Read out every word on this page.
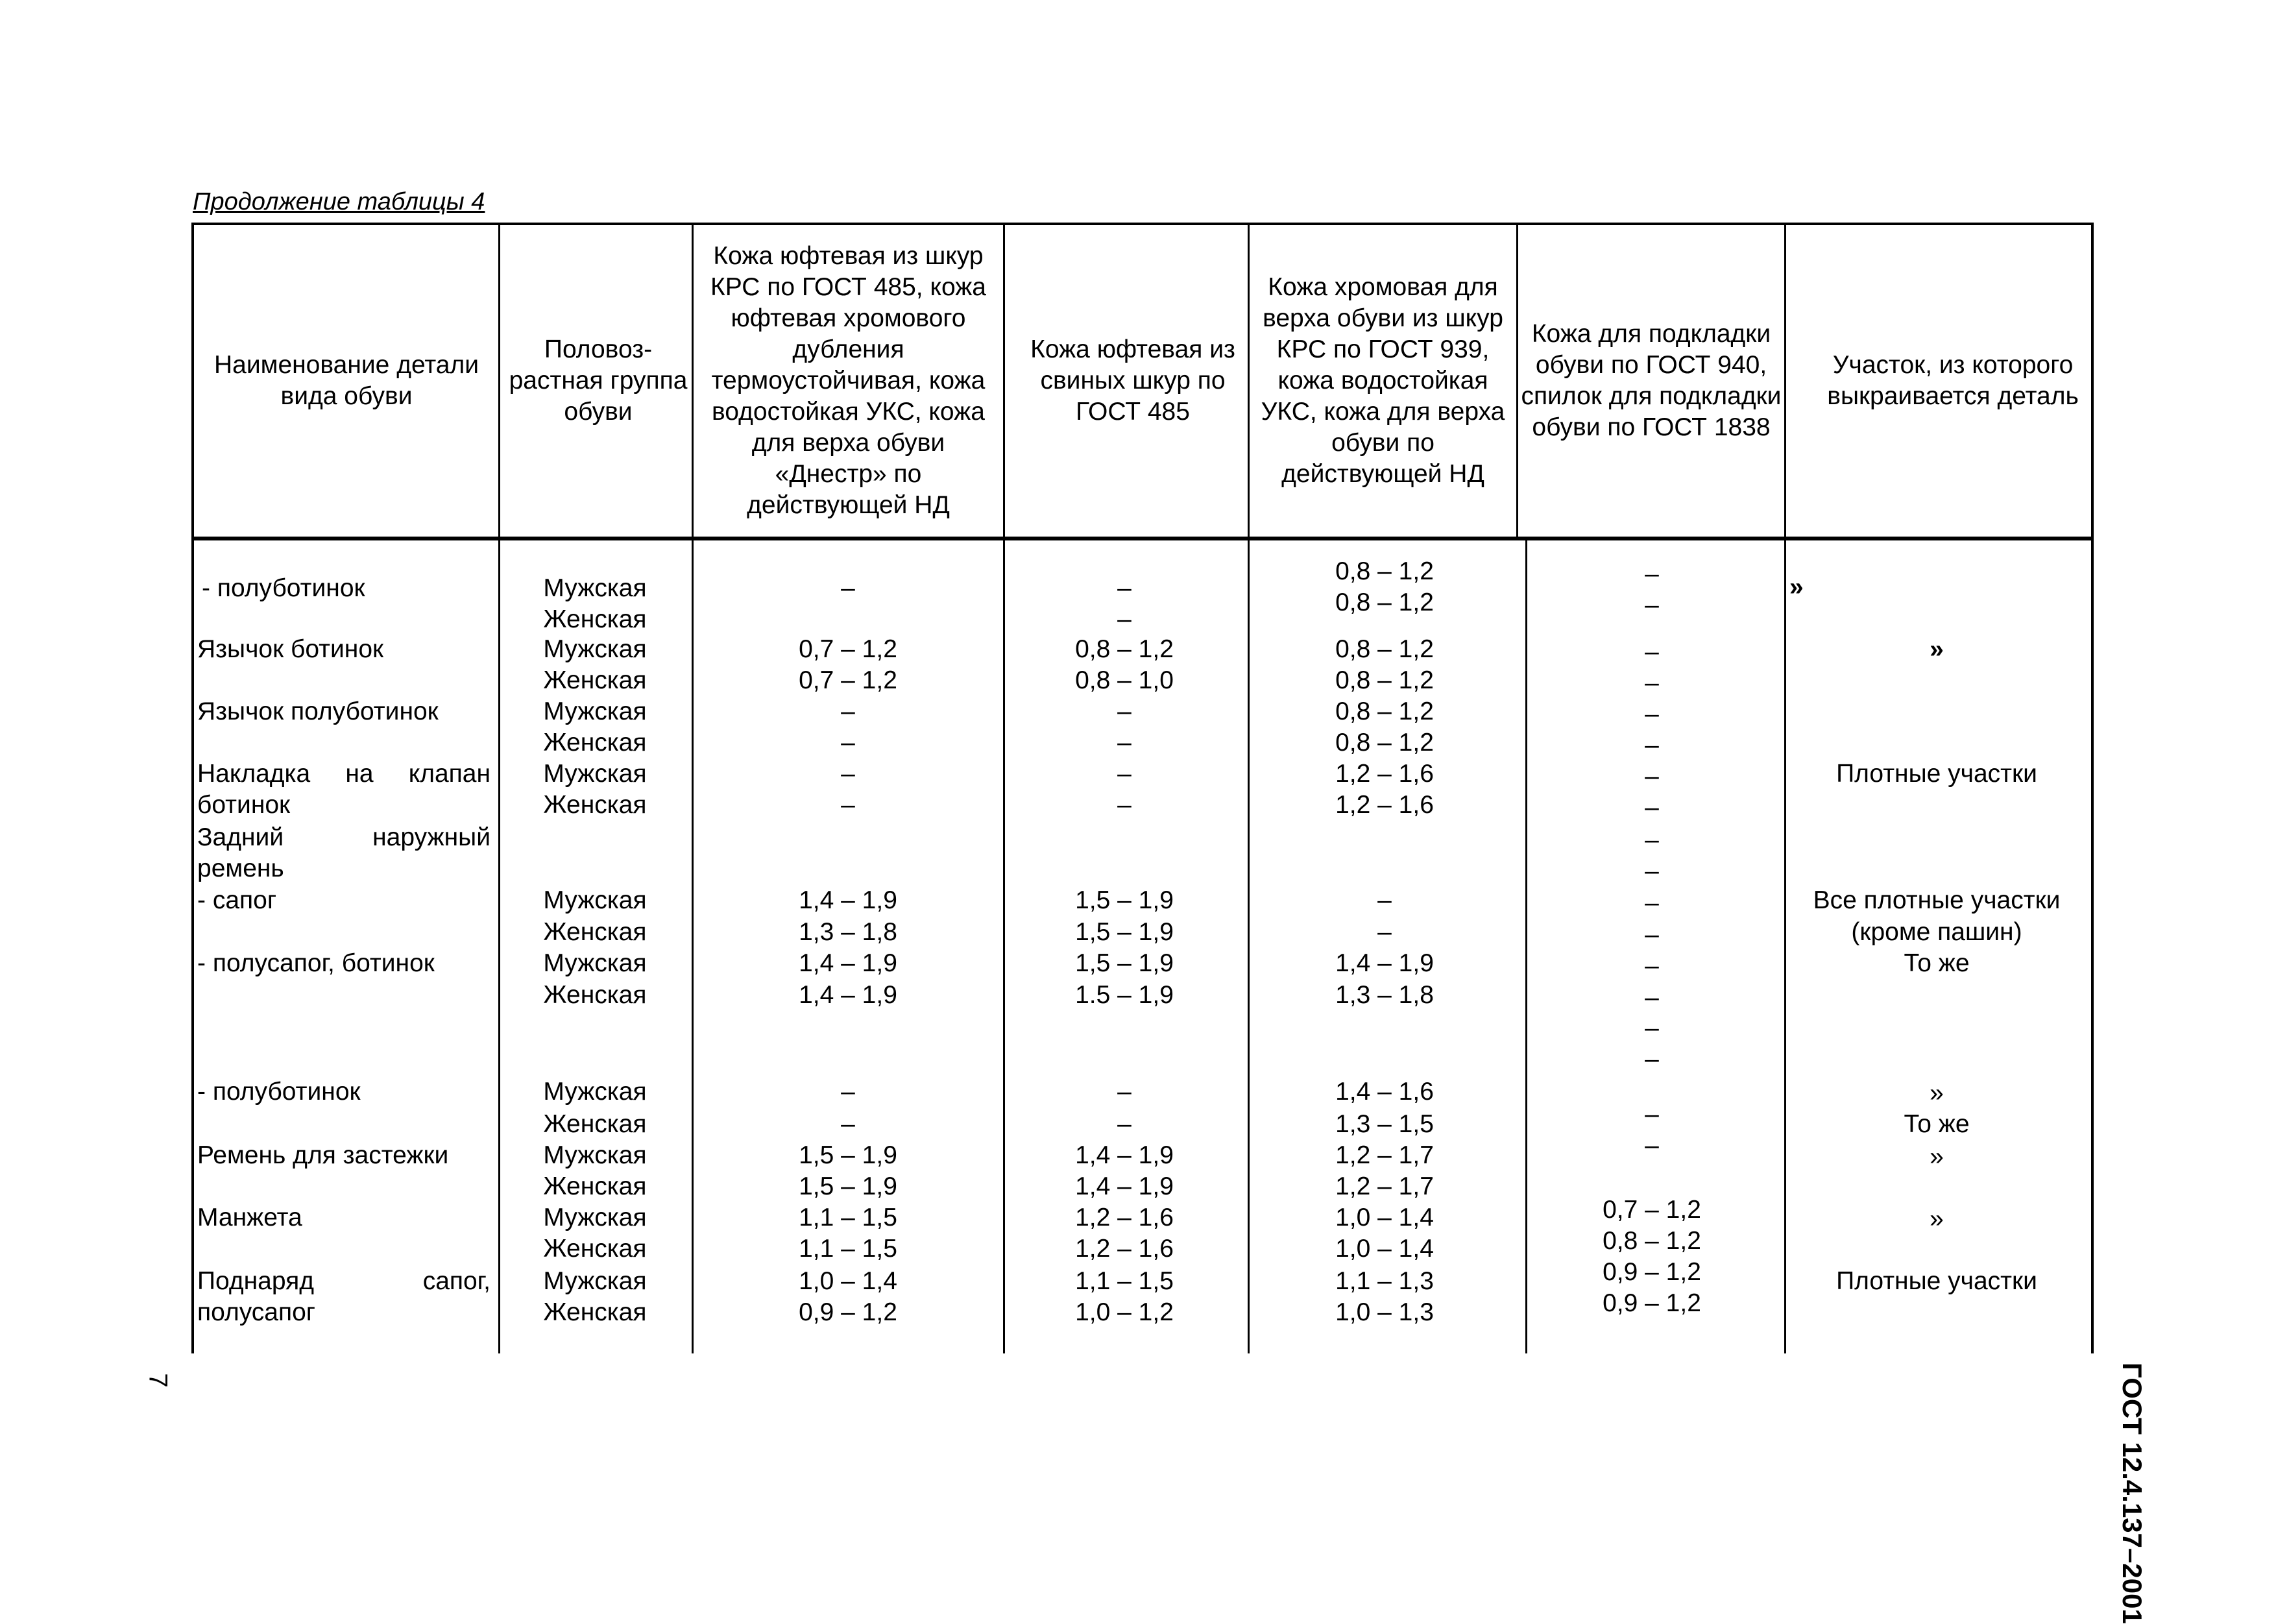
Продолжение таблицы 4
Наименование детали вида обуви
Половоз-растная группа обуви
Кожа юфтевая из шкур КРС по ГОСТ 485, кожа юфтевая хромового дубления термоустойчивая, кожа водостойкая УКС, кожа для верха обуви «Днестр» по действующей НД
Кожа юфтевая из свиных шкур по ГОСТ 485
Кожа хромовая для верха обуви из шкур КРС по ГОСТ 939, кожа водостойкая УКС, кожа для верха обуви по действующей НД
Кожа для подкладки обуви по ГОСТ 940, спилок для подкладки обуви по ГОСТ 1838
Участок, из которого выкраивается деталь
- полуботинок
Язычок ботинок
Язычок полуботинок
Накладка на клапан
ботинок
Задний	наружный
ремень
- сапог
- полусапог, ботинок
- полуботинок
Ремень для застежки
Манжета
Поднаряд	сапог,
полусапог
Мужская
Женская
Мужская
Женская
Мужская
Женская
Мужская
Женская
Мужская
Женская
Мужская
Женская
Мужская
Женская
Мужская
Женская
Мужская
Женская
Мужская
Женская
–
0,7 – 1,2
0,7 – 1,2
–
–
–
–
1,4 – 1,9
1,3 – 1,8
1,4 – 1,9
1,4 – 1,9
–
–
1,5 – 1,9
1,5 – 1,9
1,1 – 1,5
1,1 – 1,5
1,0 – 1,4
0,9 – 1,2
–
–
0,8 – 1,2
0,8 – 1,0
–
–
–
–
1,5 – 1,9
1,5 – 1,9
1,5 – 1,9
1.5 – 1,9
–
–
1,4 – 1,9
1,4 – 1,9
1,2 – 1,6
1,2 – 1,6
1,1 – 1,5
1,0 – 1,2
0,8 – 1,2
0,8 – 1,2
0,8 – 1,2
0,8 – 1,2
0,8 – 1,2
0,8 – 1,2
1,2 – 1,6
1,2 – 1,6
–
–
1,4 – 1,9
1,3 – 1,8
1,4 – 1,6
1,3 – 1,5
1,2 – 1,7
1,2 – 1,7
1,0 – 1,4
1,0 – 1,4
1,1 – 1,3
1,0 – 1,3
–
–
–
–
–
–
–
–
–
–
–
–
–
–
–
–
–
–
0,7 – 1,2
0,8 – 1,2
0,9 – 1,2
0,9 – 1,2
»
»
Плотные участки
Все плотные участки
(кроме пашин)
То же
»
То же
»
»
Плотные участки
ГОСТ 12.4.137–2001
7
